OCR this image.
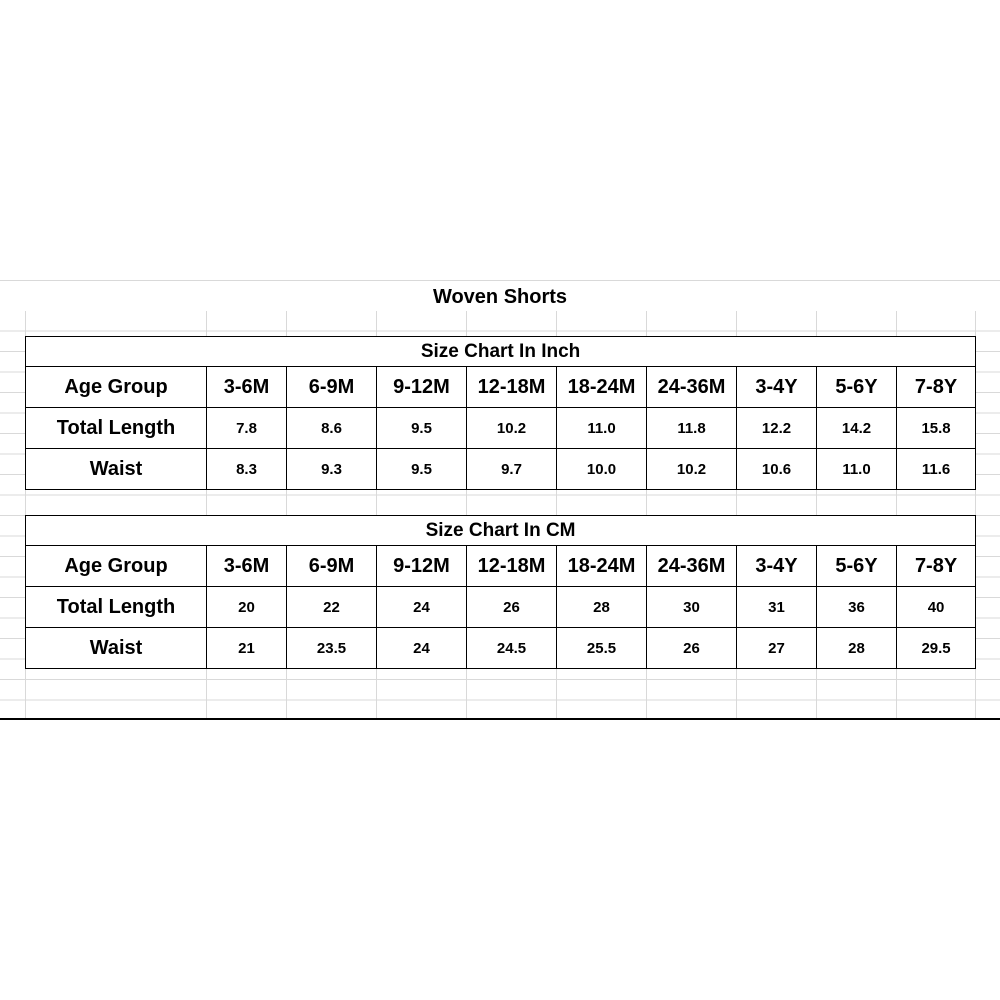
Woven Shorts
Size Chart In Inch									
Age Group	3-6M	6-9M	9-12M	12-18M	18-24M	24-36M	3-4Y	5-6Y	7-8Y
Total Length	7.8	8.6	9.5	10.2	11.0	11.8	12.2	14.2	15.8
Waist	8.3	9.3	9.5	9.7	10.0	10.2	10.6	11.0	11.6
Size Chart In CM									
Age Group	3-6M	6-9M	9-12M	12-18M	18-24M	24-36M	3-4Y	5-6Y	7-8Y
Total Length	20	22	24	26	28	30	31	36	40
Waist	21	23.5	24	24.5	25.5	26	27	28	29.5
